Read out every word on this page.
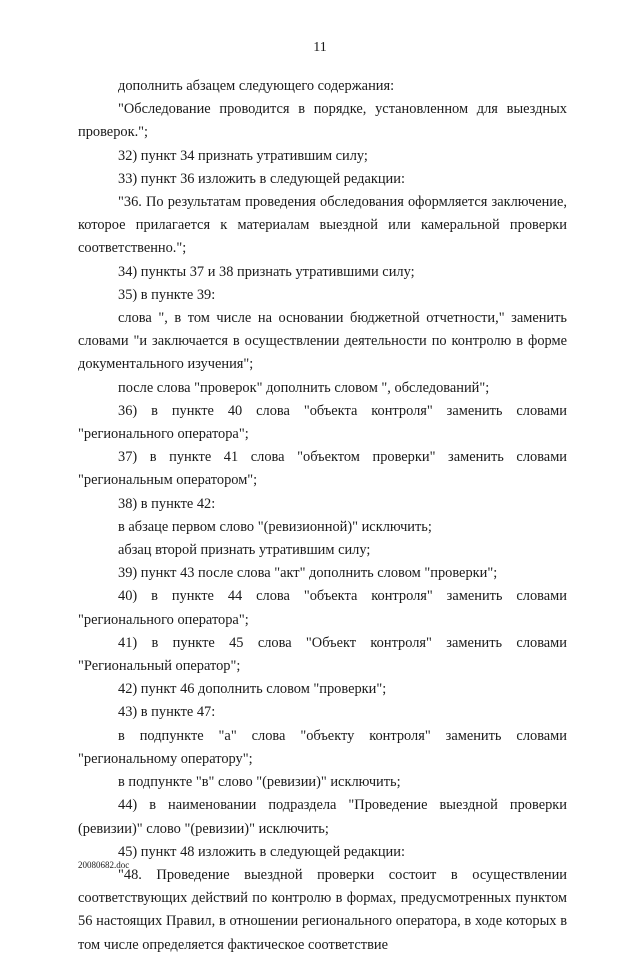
11

дополнить абзацем следующего содержания:

"Обследование проводится в порядке, установленном для выездных проверок.";

32) пункт 34 признать утратившим силу;

33) пункт 36 изложить в следующей редакции:

"36. По результатам проведения обследования оформляется заключение, которое прилагается к материалам выездной или камеральной проверки соответственно.";

34) пункты 37 и 38 признать утратившими силу;

35) в пункте 39:

слова ", в том числе на основании бюджетной отчетности," заменить словами "и заключается в осуществлении деятельности по контролю в форме документального изучения";

после слова "проверок" дополнить словом ", обследований";

36) в пункте 40 слова "объекта контроля" заменить словами "регионального оператора";

37) в пункте 41 слова "объектом проверки" заменить словами "региональным оператором";

38) в пункте 42:

в абзаце первом слово "(ревизионной)" исключить;

абзац второй признать утратившим силу;

39) пункт 43 после слова "акт" дополнить словом "проверки";

40) в пункте 44 слова "объекта контроля" заменить словами "регионального оператора";

41) в пункте 45 слова "Объект контроля" заменить словами "Региональный оператор";

42) пункт 46 дополнить словом "проверки";

43) в пункте 47:

в подпункте "а" слова "объекту контроля" заменить словами "региональному оператору";

в подпункте "в" слово "(ревизии)" исключить;

44) в наименовании подраздела "Проведение выездной проверки (ревизии)" слово "(ревизии)" исключить;

45) пункт 48 изложить в следующей редакции:

"48. Проведение выездной проверки состоит в осуществлении соответствующих действий по контролю в формах, предусмотренных пунктом 56 настоящих Правил, в отношении регионального оператора, в ходе которых в том числе определяется фактическое соответствие

20080682.doc
